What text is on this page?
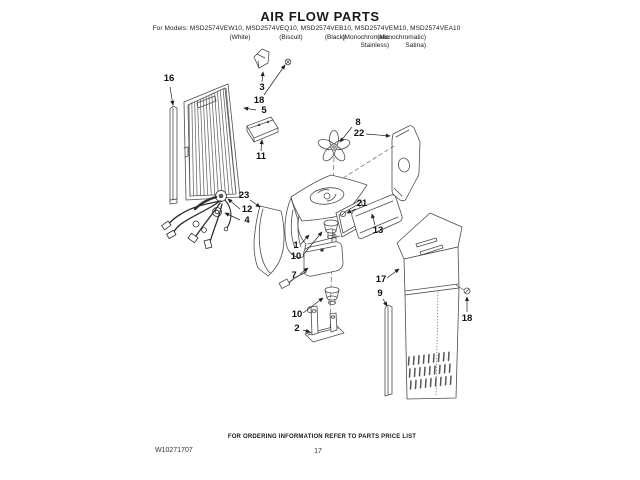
AIR FLOW PARTS
For Models: MSD2574VEW10, MSD2574VEQ10, MSD2574VEB10, MSD2574VEM10, MSD2574VEA10
(White)	(Biscuit)	(Black)
(Monochromatic
Stainless)
(Monochromatic)
Satina)
16
3
18
5
11
8
22
23
12
4
21
13
1
10
7
10
2
17
9
18
FOR ORDERING INFORMATION REFER TO PARTS PRICE LIST
W10271707	17
